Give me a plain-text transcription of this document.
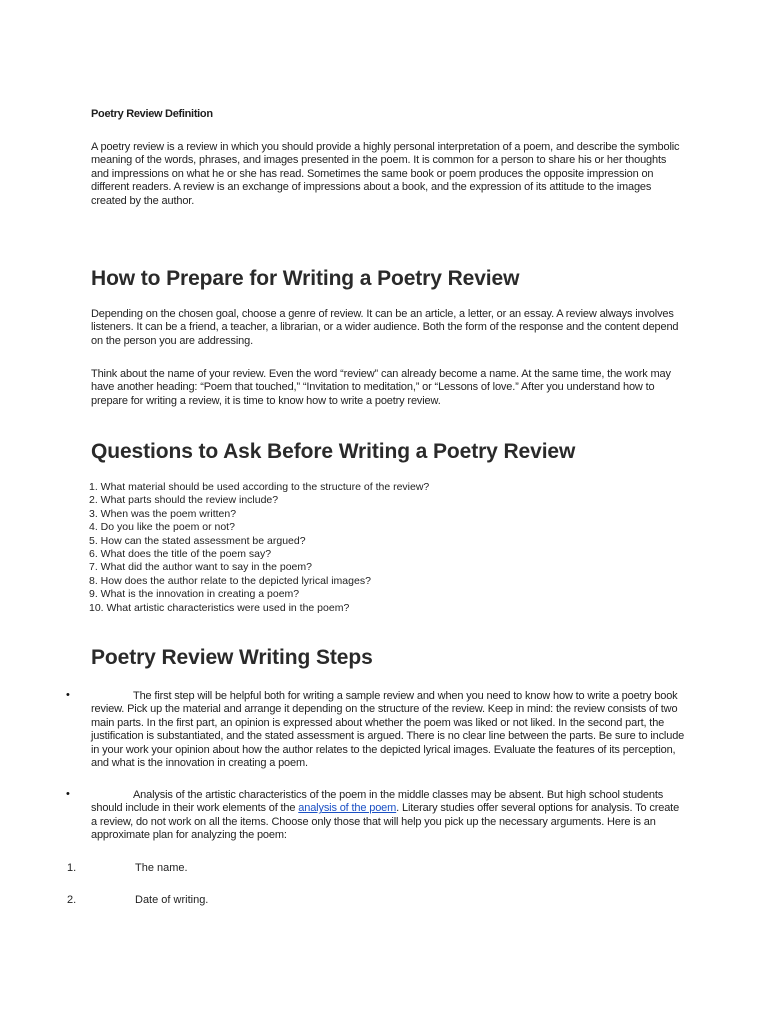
Poetry Review Definition

A poetry review is a review in which you should provide a highly personal interpretation of a poem, and describe the symbolic meaning of the words, phrases, and images presented in the poem. It is common for a person to share his or her thoughts and impressions on what he or she has read. Sometimes the same book or poem produces the opposite impression on different readers. A review is an exchange of impressions about a book, and the expression of its attitude to the images created by the author.

How to Prepare for Writing a Poetry Review

Depending on the chosen goal, choose a genre of review. It can be an article, a letter, or an essay. A review always involves listeners. It can be a friend, a teacher, a librarian, or a wider audience. Both the form of the response and the content depend on the person you are addressing.

Think about the name of your review. Even the word “review” can already become a name. At the same time, the work may have another heading: “Poem that touched,” “Invitation to meditation,” or “Lessons of love.” After you understand how to prepare for writing a review, it is time to know how to write a poetry review.

Questions to Ask Before Writing a Poetry Review
1. What material should be used according to the structure of the review?
2. What parts should the review include?
3. When was the poem written?
4. Do you like the poem or not?
5. How can the stated assessment be argued?
6. What does the title of the poem say?
7. What did the author want to say in the poem?
8. How does the author relate to the depicted lyrical images?
9. What is the innovation in creating a poem?
10. What artistic characteristics were used in the poem?
Poetry Review Writing Steps
•	The first step will be helpful both for writing a sample review and when you need to know how to write a poetry book review. Pick up the material and arrange it depending on the structure of the review. Keep in mind: the review consists of two main parts. In the first part, an opinion is expressed about whether the poem was liked or not liked. In the second part, the justification is substantiated, and the stated assessment is argued. There is no clear line between the parts. Be sure to include in your work your opinion about how the author relates to the depicted lyrical images. Evaluate the features of its perception, and what is the innovation in creating a poem.

•	Analysis of the artistic characteristics of the poem in the middle classes may be absent. But high school students should include in their work elements of the analysis of the poem. Literary studies offer several options for analysis. To create a review, do not work on all the items. Choose only those that will help you pick up the necessary arguments. Here is an approximate plan for analyzing the poem:

1.	The name.
2.	Date of writing.
